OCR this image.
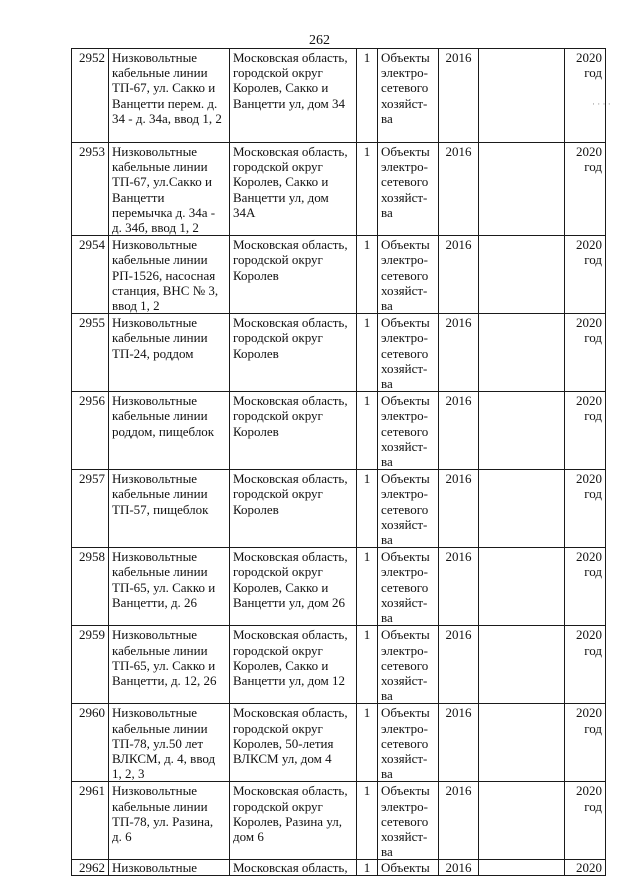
262
2952	Низковольтные кабельные линии ТП-67, ул. Сакко и Ванцетти перем. д. 34 - д. 34а, ввод 1, 2	Московская область, городской округ Королев, Сакко и Ванцетти ул, дом 34	1	Объекты электро-сетевого хозяйст-ва	2016		2020 год
2953	Низковольтные кабельные линии ТП-67, ул.Сакко и Ванцетти перемычка д. 34а - д. 34б, ввод 1, 2	Московская область, городской округ Королев, Сакко и Ванцетти ул, дом 34А	1	Объекты электро-сетевого хозяйст-ва	2016		2020 год
2954	Низковольтные кабельные линии РП-1526, насосная станция, ВНС № 3, ввод 1, 2	Московская область, городской округ Королев	1	Объекты электро-сетевого хозяйст-ва	2016		2020 год
2955	Низковольтные кабельные линии ТП-24, роддом	Московская область, городской округ Королев	1	Объекты электро-сетевого хозяйст-ва	2016		2020 год
2956	Низковольтные кабельные линии роддом, пищеблок	Московская область, городской округ Королев	1	Объекты электро-сетевого хозяйст-ва	2016		2020 год
2957	Низковольтные кабельные линии ТП-57, пищеблок	Московская область, городской округ Королев	1	Объекты электро-сетевого хозяйст-ва	2016		2020 год
2958	Низковольтные кабельные линии ТП-65, ул. Сакко и Ванцетти, д. 26	Московская область, городской округ Королев, Сакко и Ванцетти ул, дом 26	1	Объекты электро-сетевого хозяйст-ва	2016		2020 год
2959	Низковольтные кабельные линии ТП-65, ул. Сакко и Ванцетти, д. 12, 26	Московская область, городской округ Королев, Сакко и Ванцетти ул, дом 12	1	Объекты электро-сетевого хозяйст-ва	2016		2020 год
2960	Низковольтные кабельные линии ТП-78, ул.50 лет ВЛКСМ, д. 4, ввод 1, 2, 3	Московская область, городской округ Королев, 50-летия ВЛКСМ ул, дом 4	1	Объекты электро-сетевого хозяйст-ва	2016		2020 год
2961	Низковольтные кабельные линии ТП-78, ул. Разина, д. 6	Московская область, городской округ Королев, Разина ул, дом 6	1	Объекты электро-сетевого хозяйст-ва	2016		2020 год
2962	Низковольтные	Московская область,	1	Объекты	2016		2020
· · · ·
